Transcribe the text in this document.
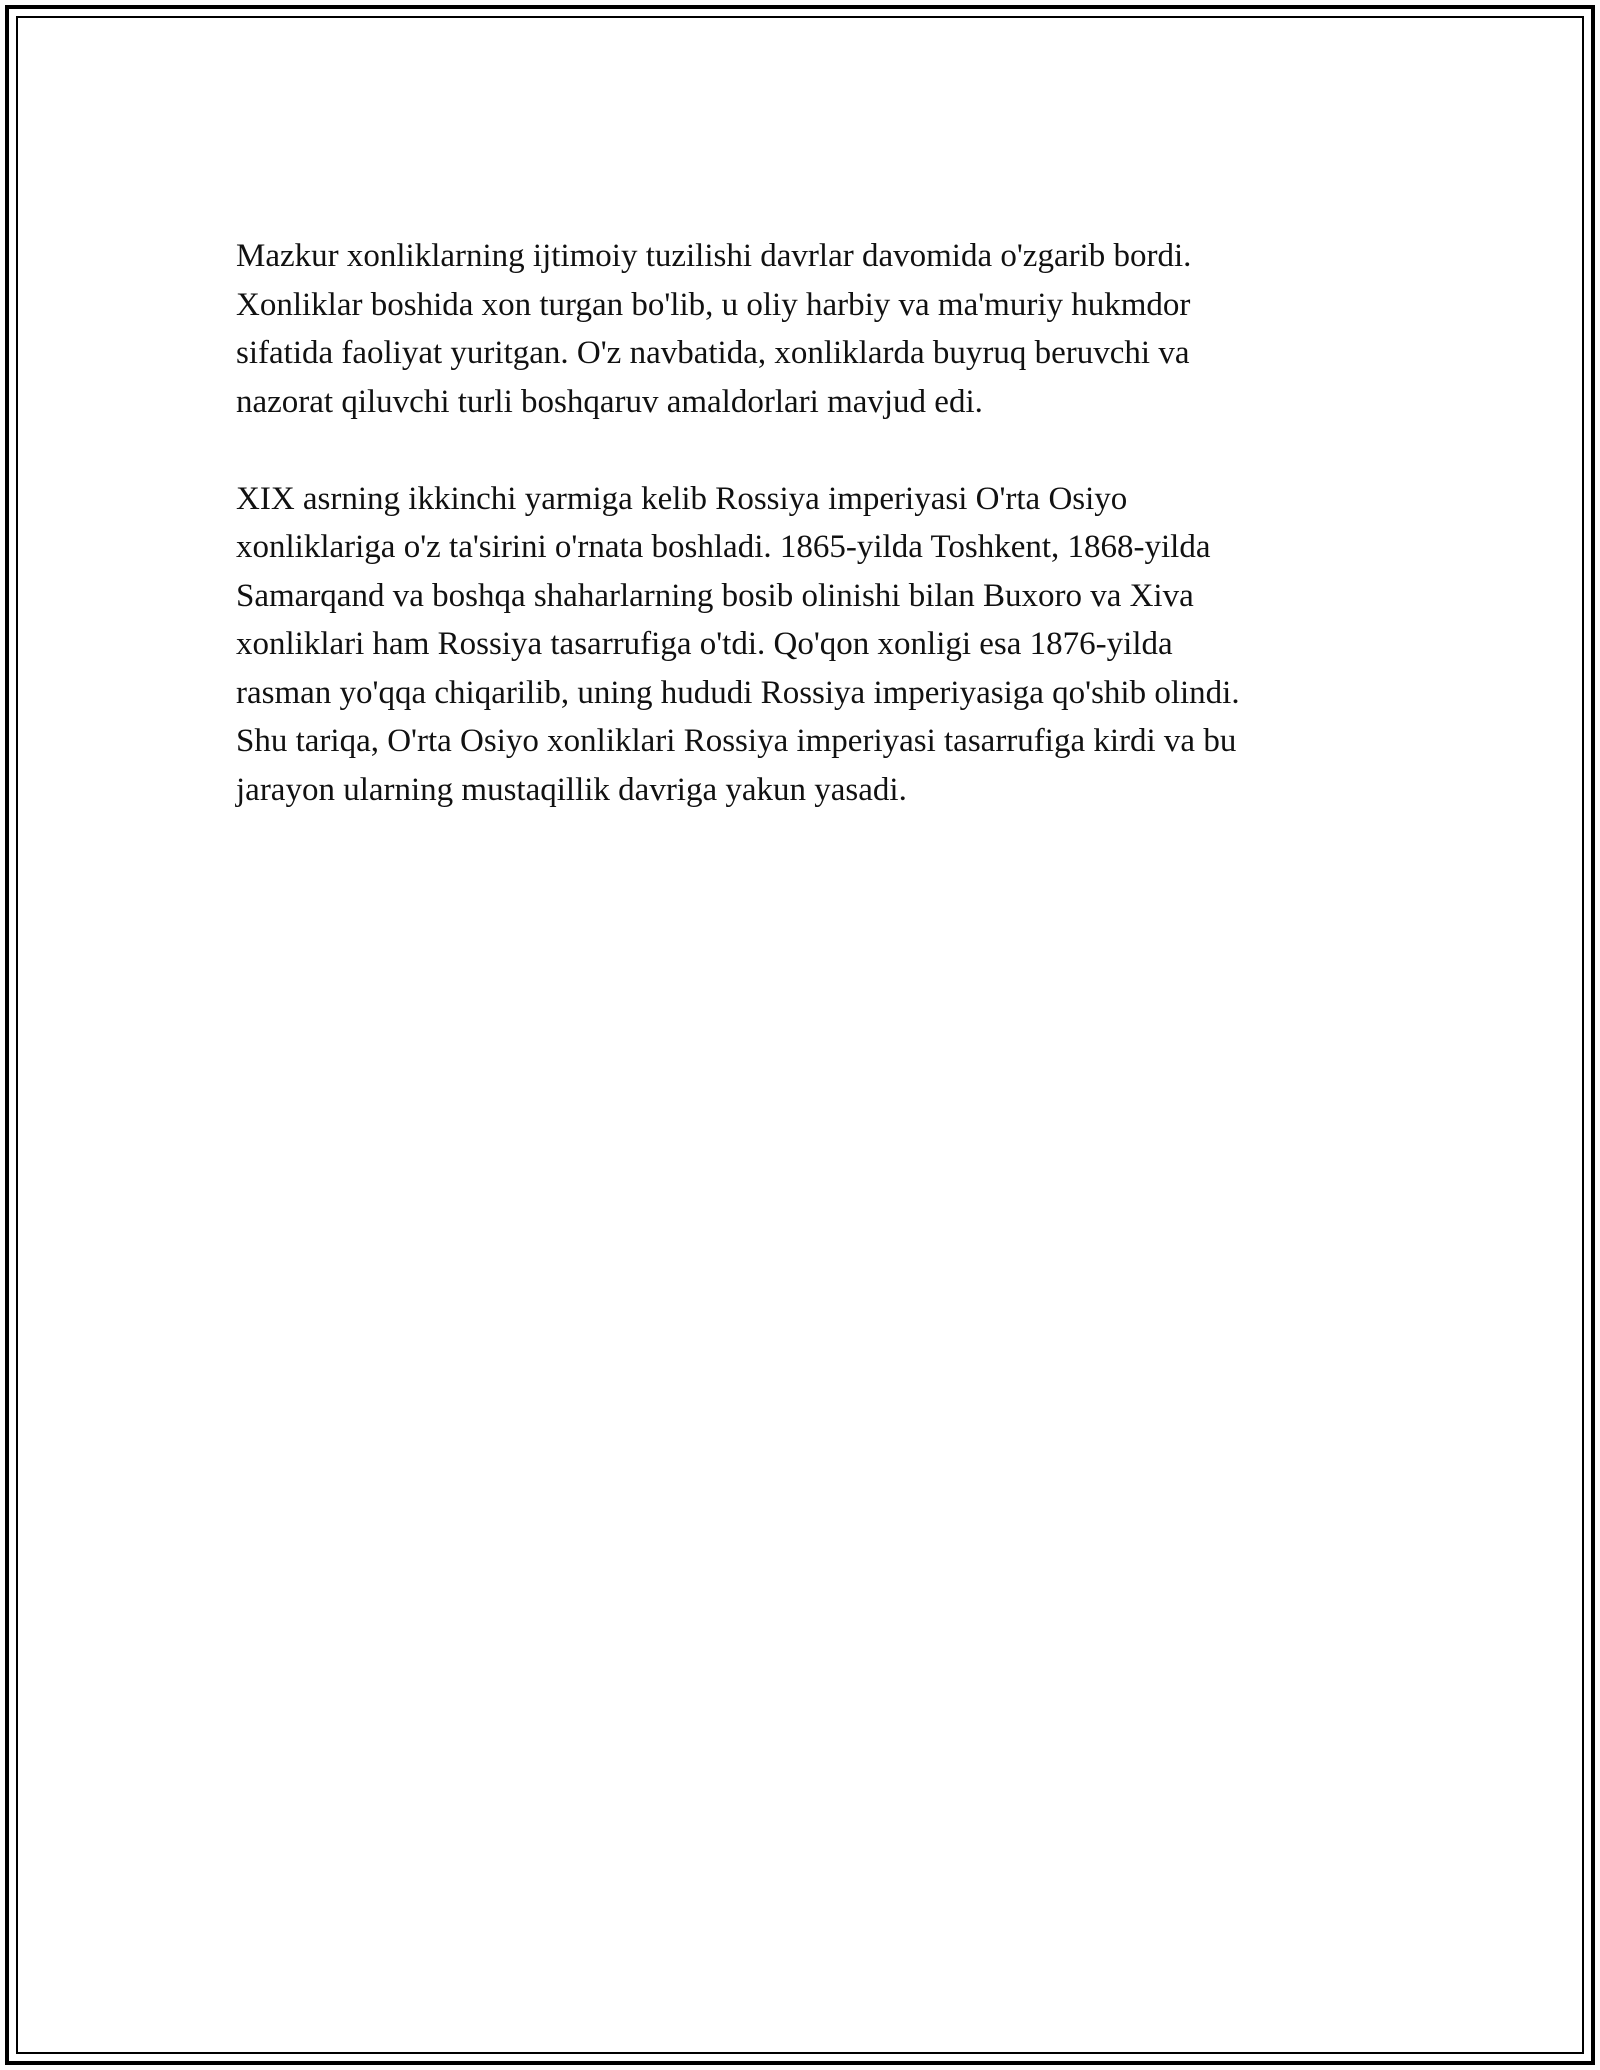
Mazkur xonliklarning ijtimoiy tuzilishi davrlar davomida o'zgarib bordi.
Xonliklar boshida xon turgan bo'lib, u oliy harbiy va ma'muriy hukmdor
sifatida faoliyat yuritgan. O'z navbatida, xonliklarda buyruq beruvchi va
nazorat qiluvchi turli boshqaruv amaldorlari mavjud edi.

XIX asrning ikkinchi yarmiga kelib Rossiya imperiyasi O'rta Osiyo
xonliklariga o'z ta'sirini o'rnata boshladi. 1865-yilda Toshkent, 1868-yilda
Samarqand va boshqa shaharlarning bosib olinishi bilan Buxoro va Xiva
xonliklari ham Rossiya tasarrufiga o'tdi. Qo'qon xonligi esa 1876-yilda
rasman yo'qqa chiqarilib, uning hududi Rossiya imperiyasiga qo'shib olindi.
Shu tariqa, O'rta Osiyo xonliklari Rossiya imperiyasi tasarrufiga kirdi va bu
jarayon ularning mustaqillik davriga yakun yasadi.
